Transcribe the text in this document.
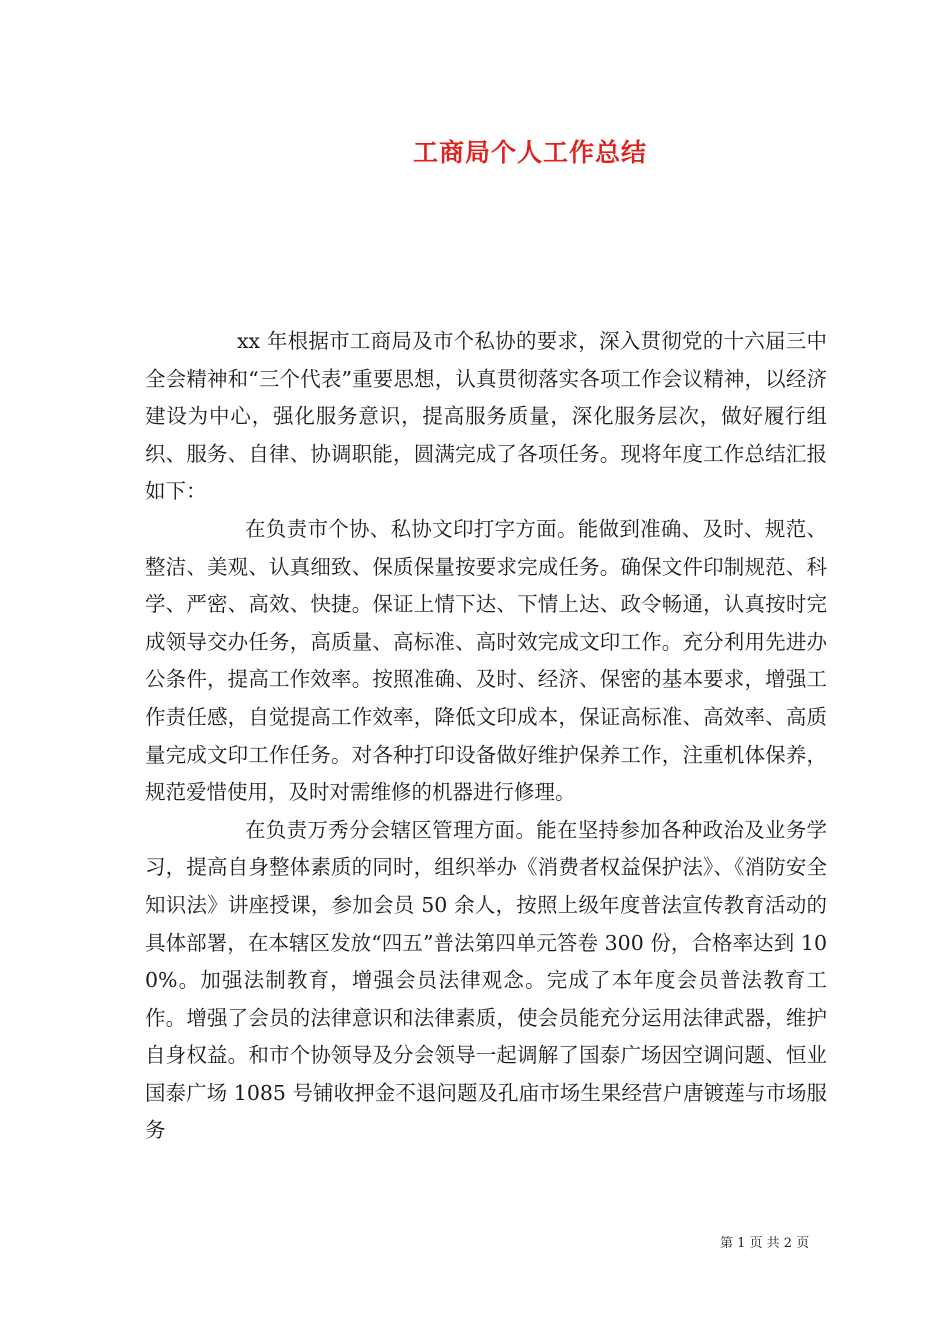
工商局个人工作总结

xx 年根据市工商局及市个私协的要求，深入贯彻党的十六届三中全会精神和“三个代表”重要思想，认真贯彻落实各项工作会议精神，以经济建设为中心，强化服务意识，提高服务质量，深化服务层次，做好履行组织、服务、自律、协调职能，圆满完成了各项任务。现将年度工作总结汇报如下：

在负责市个协、私协文印打字方面。能做到准确、及时、规范、整洁、美观、认真细致、保质保量按要求完成任务。确保文件印制规范、科学、严密、高效、快捷。保证上情下达、下情上达、政令畅通，认真按时完成领导交办任务，高质量、高标准、高时效完成文印工作。充分利用先进办公条件，提高工作效率。按照准确、及时、经济、保密的基本要求，增强工作责任感，自觉提高工作效率，降低文印成本，保证高标准、高效率、高质量完成文印工作任务。对各种打印设备做好维护保养工作，注重机体保养，规范爱惜使用，及时对需维修的机器进行修理。

在负责万秀分会辖区管理方面。能在坚持参加各种政治及业务学习，提高自身整体素质的同时，组织举办《消费者权益保护法》、《消防安全知识法》讲座授课，参加会员 50 余人，按照上级年度普法宣传教育活动的具体部署，在本辖区发放“四五”普法第四单元答卷 300 份，合格率达到 100%。加强法制教育，增强会员法律观念。完成了本年度会员普法教育工作。增强了会员的法律意识和法律素质，使会员能充分运用法律武器，维护自身权益。和市个协领导及分会领导一起调解了国泰广场因空调问题、恒业国泰广场 1085 号铺收押金不退问题及孔庙市场生果经营户唐镀莲与市场服务

第 1 页 共 2 页
